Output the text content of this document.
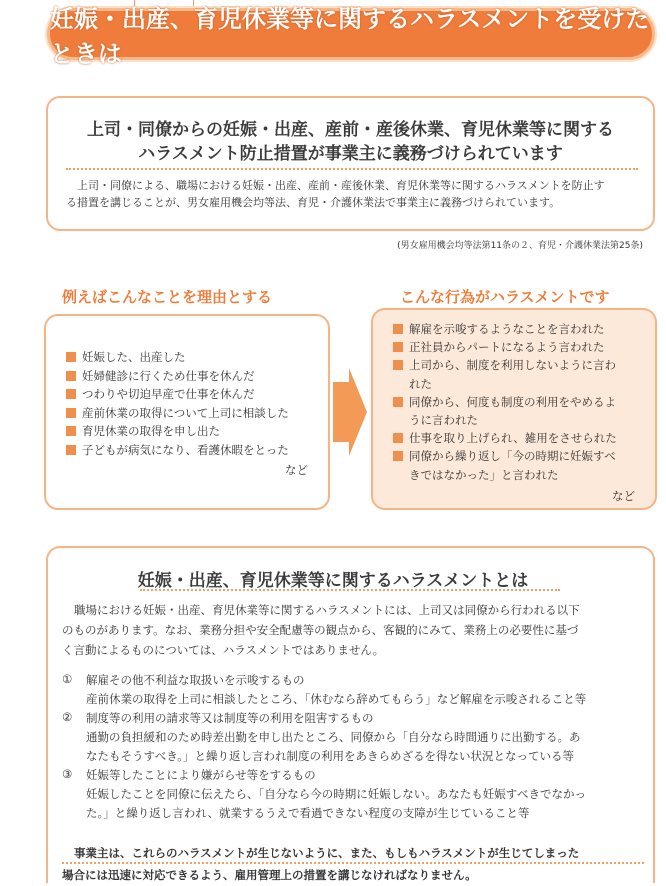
妊娠・出産、育児休業等に関するハラスメントを受けたときは
上司・同僚からの妊娠・出産、産前・産後休業、育児休業等に関する
ハラスメント防止措置が事業主に義務づけられています
上司・同僚による、職場における妊娠・出産、産前・産後休業、育児休業等に関するハラスメントを防止す
る措置を講じることが、男女雇用機会均等法、育児・介護休業法で事業主に義務づけられています。
(男女雇用機会均等法第11条の２、育児・介護休業法第25条)
例えばこんなことを理由とする	こんな行為がハラスメントです
妊娠した、出産した
妊婦健診に行くため仕事を休んだ
つわりや切迫早産で仕事を休んだ
産前休業の取得について上司に相談した
育児休業の取得を申し出た
子どもが病気になり、看護休暇をとった
など
解雇を示唆するようなことを言われた
正社員からパートになるよう言われた
上司から、制度を利用しないように言わ
れた
同僚から、何度も制度の利用をやめるよ
うに言われた
仕事を取り上げられ、雑用をさせられた
同僚から繰り返し「今の時期に妊娠すべ
きではなかった」と言われた
など
妊娠・出産、育児休業等に関するハラスメントとは
職場における妊娠・出産、育児休業等に関するハラスメントには、上司又は同僚から行われる以下
のものがあります。なお、業務分担や安全配慮等の観点から、客観的にみて、業務上の必要性に基づ
く言動によるものについては、ハラスメントではありません。
① 解雇その他不利益な取扱いを示唆するもの
産前休業の取得を上司に相談したところ、「休むなら辞めてもらう」など解雇を示唆されること等
② 制度等の利用の請求等又は制度等の利用を阻害するもの
通勤の負担緩和のため時差出勤を申し出たところ、同僚から「自分なら時間通りに出勤する。あ
なたもそうすべき。」と繰り返し言われ制度の利用をあきらめざるを得ない状況となっている等
③ 妊娠等したことにより嫌がらせ等をするもの
妊娠したことを同僚に伝えたら、「自分なら今の時期に妊娠しない。あなたも妊娠すべきでなかっ
た。」と繰り返し言われ、就業するうえで看過できない程度の支障が生じていること等
事業主は、これらのハラスメントが生じないように、また、もしもハラスメントが生じてしまった
場合には迅速に対応できるよう、雇用管理上の措置を講じなければなりません。
